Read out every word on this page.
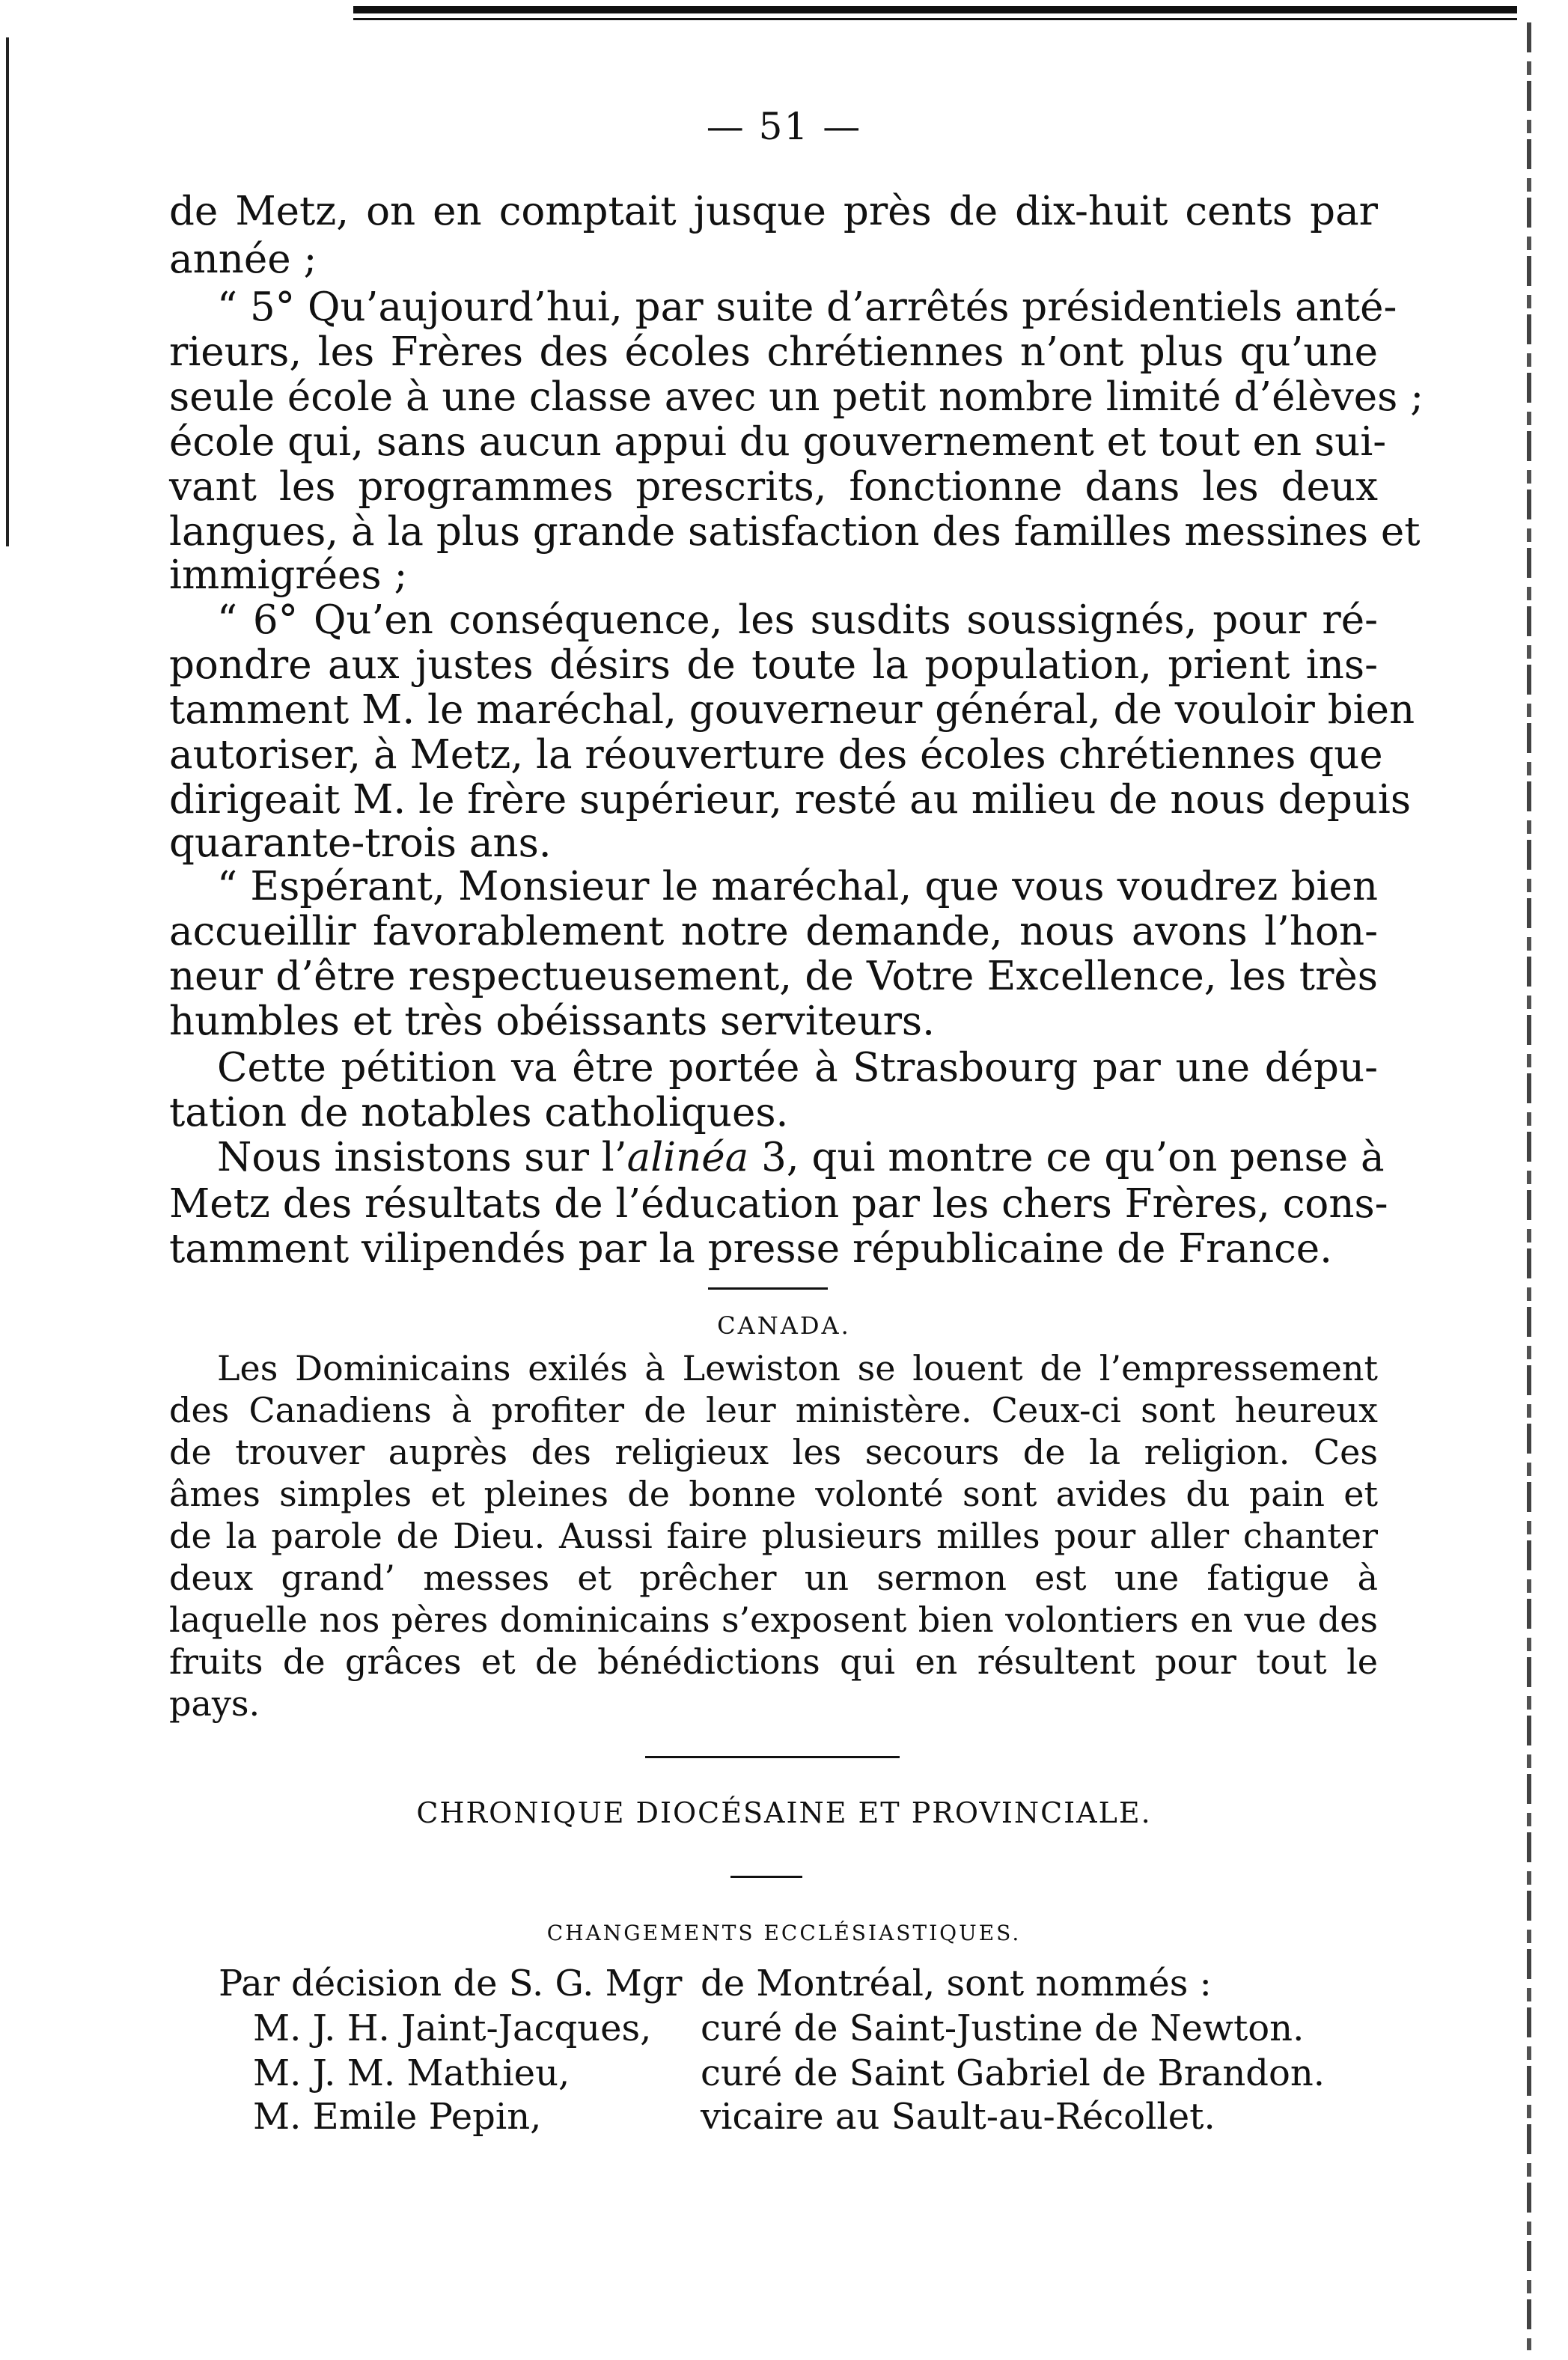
— 51 —
de Metz, on en comptait jusque près de dix-huit cents par
année ;
“ 5° Qu’aujourd’hui, par suite d’arrêtés présidentiels anté-
rieurs, les Frères des écoles chrétiennes n’ont plus qu’une
seule école à une classe avec un petit nombre limité d’élèves ;
école qui, sans aucun appui du gouvernement et tout en sui-
vant les programmes prescrits, fonctionne dans les deux
langues, à la plus grande satisfaction des familles messines et
immigrées ;
“ 6° Qu’en conséquence, les susdits soussignés, pour ré-
pondre aux justes désirs de toute la population, prient ins-
tamment M. le maréchal, gouverneur général, de vouloir bien
autoriser, à Metz, la réouverture des écoles chrétiennes que
dirigeait M. le frère supérieur, resté au milieu de nous depuis
quarante-trois ans.
“ Espérant, Monsieur le maréchal, que vous voudrez bien
accueillir favorablement notre demande, nous avons l’hon-
neur d’être respectueusement, de Votre Excellence, les très
humbles et très obéissants serviteurs.
Cette pétition va être portée à Strasbourg par une dépu-
tation de notables catholiques.
Nous insistons sur l’alinéa 3, qui montre ce qu’on pense à
Metz des résultats de l’éducation par les chers Frères, cons-
tamment vilipendés par la presse républicaine de France.
CANADA.
Les Dominicains exilés à Lewiston se louent de l’empressement
des Canadiens à profiter de leur ministère. Ceux-ci sont heureux
de trouver auprès des religieux les secours de la religion. Ces
âmes simples et pleines de bonne volonté sont avides du pain et
de la parole de Dieu. Aussi faire plusieurs milles pour aller chanter
deux grand’ messes et prêcher un sermon est une fatigue à
laquelle nos pères dominicains s’exposent bien volontiers en vue des
fruits de grâces et de bénédictions qui en résultent pour tout le
pays.
CHRONIQUE DIOCÉSAINE ET PROVINCIALE.
CHANGEMENTS ECCLÉSIASTIQUES.
Par décision de S. G. Mgr de Montréal, sont nommés :
M. J. H. Jaint-Jacques, curé de Saint-Justine de Newton.
M. J. M. Mathieu,	curé de Saint Gabriel de Brandon.
M. Emile Pepin,	vicaire au Sault-au-Récollet.
